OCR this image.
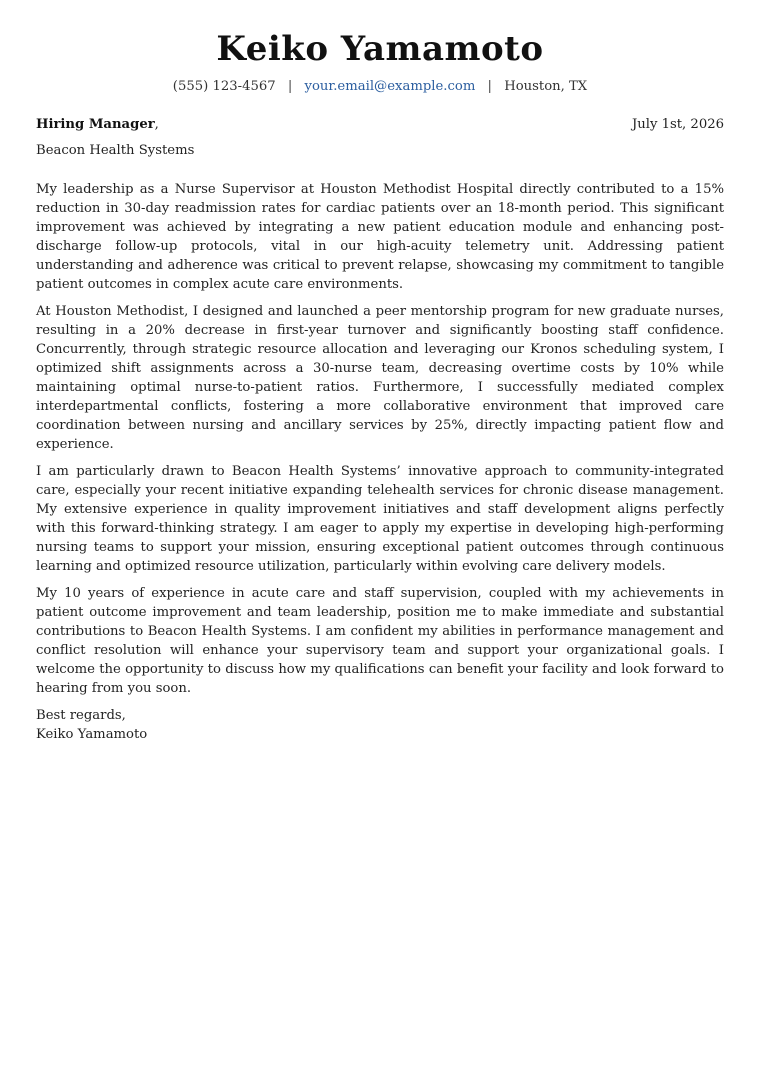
Keiko Yamamoto
(555) 123-4567 | your.email@example.com | Houston, TX
Hiring Manager,	July 1st, 2026
Beacon Health Systems

My leadership as a Nurse Supervisor at Houston Methodist Hospital directly contributed to a 15% reduction in 30-day readmission rates for cardiac patients over an 18-month period. This significant improvement was achieved by integrating a new patient education module and enhancing post-discharge follow-up protocols, vital in our high-acuity telemetry unit. Addressing patient understanding and adherence was critical to prevent relapse, showcasing my commitment to tangible patient outcomes in complex acute care environments.

At Houston Methodist, I designed and launched a peer mentorship program for new graduate nurses, resulting in a 20% decrease in first-year turnover and significantly boosting staff confidence. Concurrently, through strategic resource allocation and leveraging our Kronos scheduling system, I optimized shift assignments across a 30-nurse team, decreasing overtime costs by 10% while maintaining optimal nurse-to-patient ratios. Furthermore, I successfully mediated complex interdepartmental conflicts, fostering a more collaborative environment that improved care coordination between nursing and ancillary services by 25%, directly impacting patient flow and experience.

I am particularly drawn to Beacon Health Systems’ innovative approach to community-integrated care, especially your recent initiative expanding telehealth services for chronic disease management. My extensive experience in quality improvement initiatives and staff development aligns perfectly with this forward-thinking strategy. I am eager to apply my expertise in developing high-performing nursing teams to support your mission, ensuring exceptional patient outcomes through continuous learning and optimized resource utilization, particularly within evolving care delivery models.

My 10 years of experience in acute care and staff supervision, coupled with my achievements in patient outcome improvement and team leadership, position me to make immediate and substantial contributions to Beacon Health Systems. I am confident my abilities in performance management and conflict resolution will enhance your supervisory team and support your organizational goals. I welcome the opportunity to discuss how my qualifications can benefit your facility and look forward to hearing from you soon.

Best regards,
Keiko Yamamoto
